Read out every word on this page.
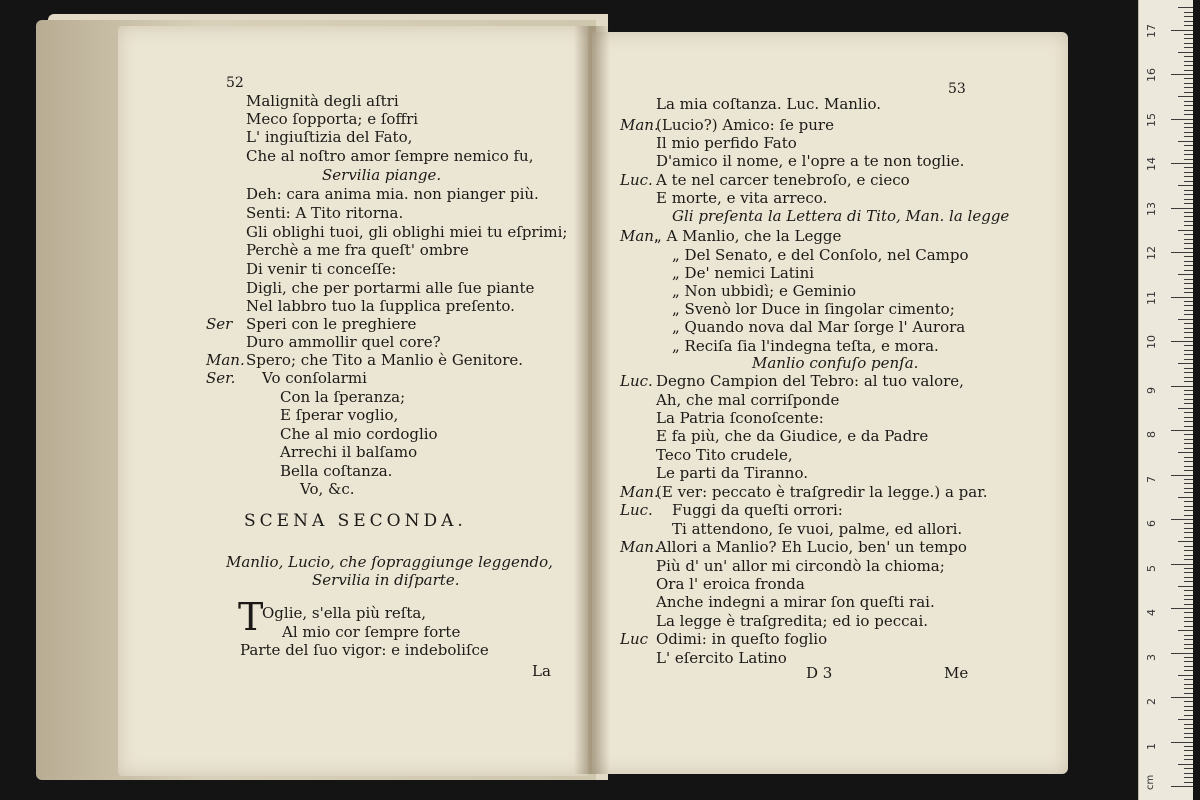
52
Malignità degli aſtri
Meco ſopporta; e ſoffri
L' ingiuſtizia del Fato,
Che al noſtro amor ſempre nemico fu,
Servilia piange.
Deh: cara anima mia. non pianger più.
Senti: A Tito ritorna.
Gli oblighi tuoi, gli oblighi miei tu eſprimi;
Perchè a me fra queſt' ombre
Di venir ti conceſſe:
Digli, che per portarmi alle ſue piante
Nel labbro tuo la ſupplica preſento.
Speri con le preghiere
Duro ammollir quel core?
Spero; che Tito a Manlio è Genitore.
Vo conſolarmi
Con la ſperanza;
E ſperar voglio,
Che al mio cordoglio
Arrechi il balſamo
Bella coſtanza.
Vo, &c.
Ser
Man.
Ser.
SCENA SECONDA.
Manlio, Lucio, che ſopraggiunge leggendo,
Servilia in diſparte.
T
Oglie, s'ella più reſta,
Al mio cor ſempre forte
Parte del ſuo vigor: e indeboliſce
La
53
La mia coſtanza. Luc. Manlio.
(Lucio?) Amico: ſe pure
Il mio perfido Fato
D'amico il nome, e l'opre a te non toglie.
A te nel carcer tenebroſo, e cieco
E morte, e vita arreco.
Gli preſenta la Lettera di Tito, Man. la legge
„ A Manlio, che la Legge
„ Del Senato, e del Conſolo, nel Campo
„ De' nemici Latini
„ Non ubbidì; e Geminio
„ Svenò lor Duce in ſingolar cimento;
„ Quando nova dal Mar ſorge l' Aurora
„ Reciſa ſia l'indegna teſta, e mora.
Manlio confuſo penſa.
Degno Campion del Tebro: al tuo valore,
Ah, che mal corriſponde
La Patria ſconoſcente:
E fa più, che da Giudice, e da Padre
Teco Tito crudele,
Le parti da Tiranno.
(E ver: peccato è traſgredir la legge.) a par.
Fuggi da queſti orrori:
Ti attendono, ſe vuoi, palme, ed allori.
Allori a Manlio? Eh Lucio, ben' un tempo
Più d' un' allor mi circondò la chioma;
Ora l' eroica fronda
Anche indegni a mirar ſon queſti rai.
La legge è traſgredita; ed io peccai.
Odimi: in queſto foglio
L' eſercito Latino
Man.
Luc.
Man.
Luc.
Man.
Luc.
Man.
Luc
D 3	Me
17
16
15
14
13
12
11
10
9
8
7
6
5
4
3
2
1
cm
